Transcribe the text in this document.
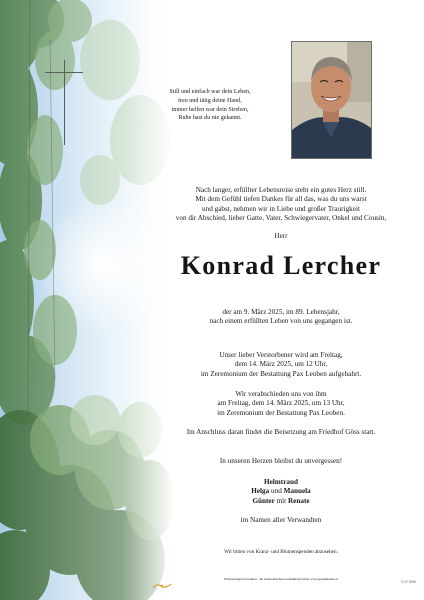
Still und einfach war dein Leben,
treu und tätig deine Hand,
immer helfen war dein Streben,
Ruhe hast du nie gekannt.
Nach langer, erfüllter Lebensreise steht ein gutes Herz still.
Mit dem Gefühl tiefen Dankes für all das, was du uns warst
und gabst, nehmen wir in Liebe und großer Traurigkeit
von dir Abschied, lieber Gatte, Vater, Schwiegervater, Onkel und Cousin,
Herr
Konrad Lercher
der am 9. März 2025, im 89. Lebensjahr,
nach einem erfüllten Leben von uns gegangen ist.
Unser lieber Verstorbener wird am Freitag,
dem 14. März 2025, um 12 Uhr,
im Zeremonium der Bestattung Pax Leoben aufgebahrt.
Wir verabschieden uns von ihm
am Freitag, dem 14. März 2025, um 13 Uhr,
im Zeremonium der Bestattung Pax Leoben.
Im Anschluss daran findet die Beisetzung am Friedhof Göss statt.
In unseren Herzen bleibst du unvergessen!
Helmtraud
Helga und Manuela
Günter mit Renate
im Namen aller Verwandten
Wir bitten von Kranz- und Blumenspenden abzusehen.
Erinnerungen bewahren - im elektronischen Gedenkbuch unter www.gedenkseite.at
G 47 9090
